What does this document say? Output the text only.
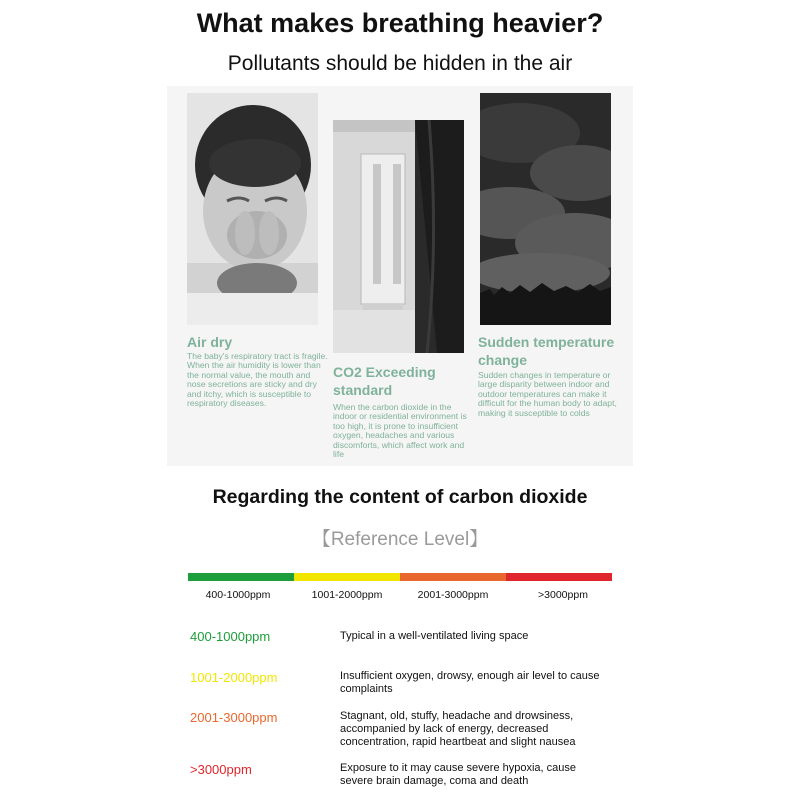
What makes breathing heavier?
Pollutants should be hidden in the air
Air dry
The baby's respiratory tract is fragile. When the air humidity is lower than the normal value, the mouth and nose secretions are sticky and dry and itchy, which is susceptible to respiratory diseases.
CO2 Exceeding standard
When the carbon dioxide in the indoor or residential environment is too high, it is prone to insufficient oxygen, headaches and various discomforts, which affect work and life
Sudden temperature change
Sudden changes in temperature or large disparity between indoor and outdoor temperatures can make it difficult for the human body to adapt, making it susceptible to colds
Regarding the content of carbon dioxide
【Reference Level】
400-1000ppm	1001-2000ppm	2001-3000ppm	>3000ppm
400-1000ppm	Typical in a well-ventilated living space
1001-2000ppm	Insufficient oxygen, drowsy, enough air level to cause complaints
2001-3000ppm	Stagnant, old, stuffy, headache and drowsiness, accompanied by lack of energy, decreased concentration, rapid heartbeat and slight nausea
>3000ppm	Exposure to it may cause severe hypoxia, cause severe brain damage, coma and death
